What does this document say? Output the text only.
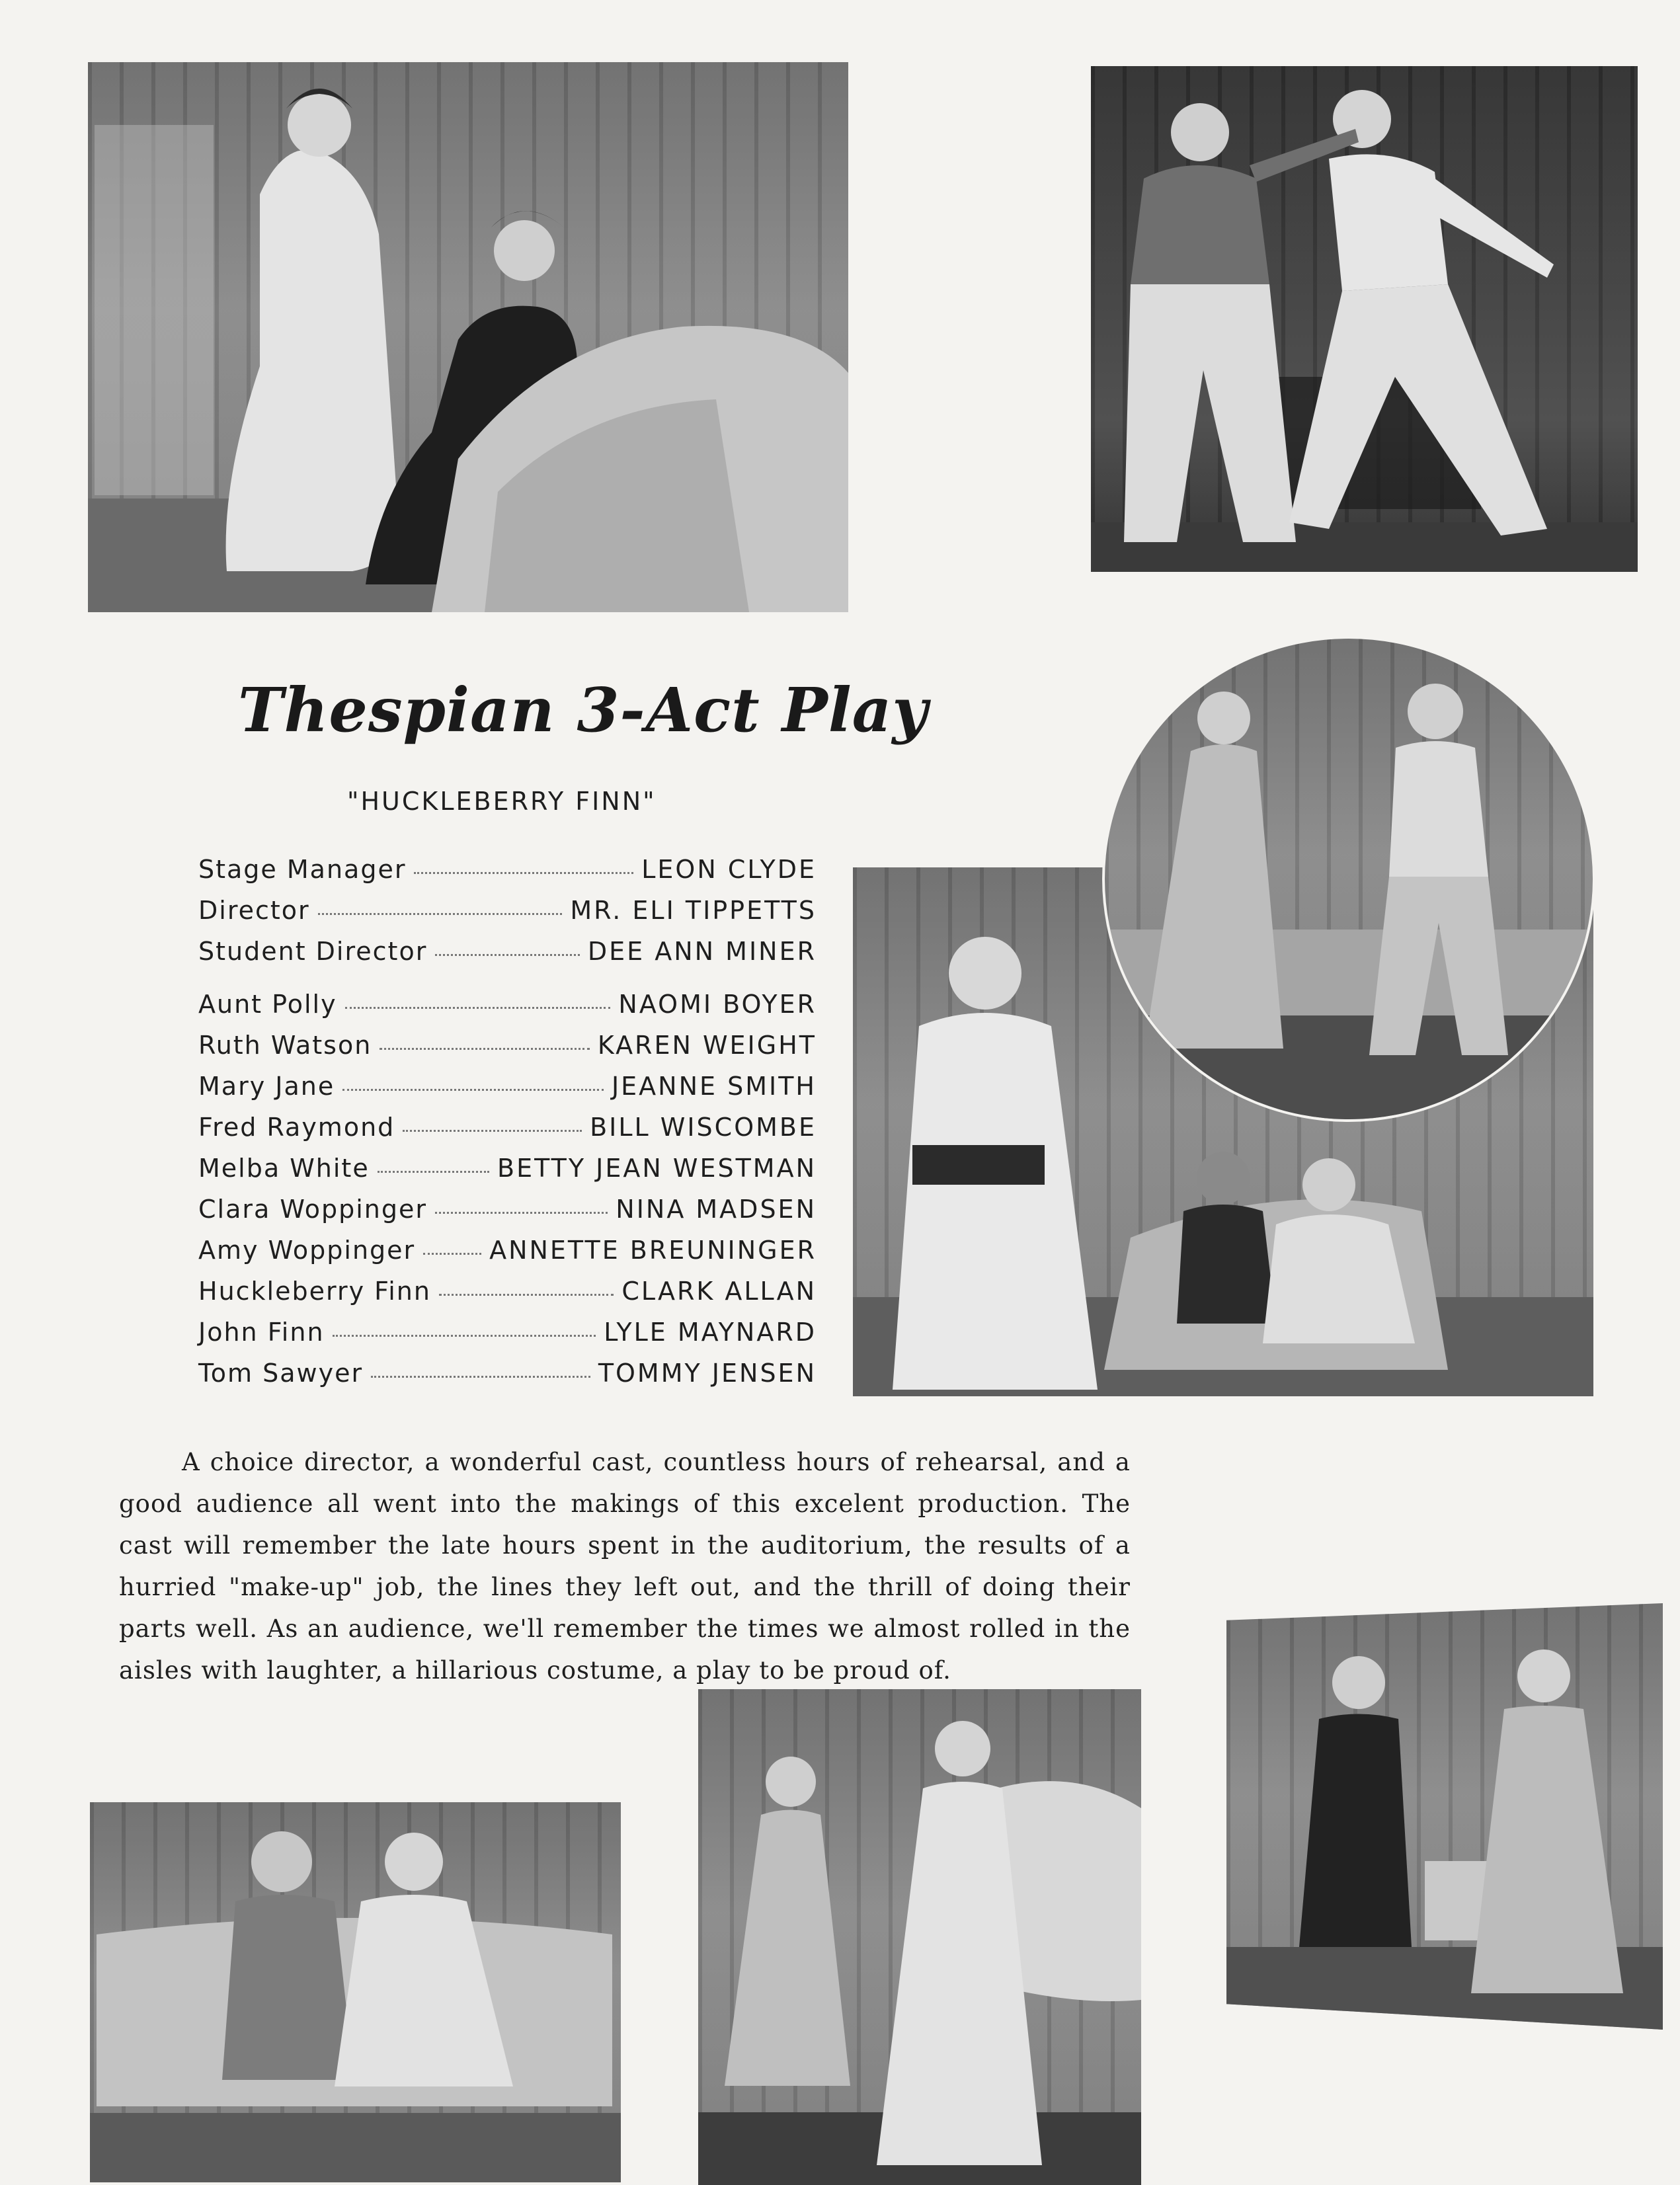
Thespian 3-Act Play
"HUCKLEBERRY FINN"
Stage Manager	LEON CLYDE
Director	MR. ELI TIPPETTS
Student Director	DEE ANN MINER
Aunt Polly	NAOMI BOYER
Ruth Watson	KAREN WEIGHT
Mary Jane	JEANNE SMITH
Fred Raymond	BILL WISCOMBE
Melba White	BETTY JEAN WESTMAN
Clara Woppinger	NINA MADSEN
Amy Woppinger	ANNETTE BREUNINGER
Huckleberry Finn	CLARK ALLAN
John Finn	LYLE MAYNARD
Tom Sawyer	TOMMY JENSEN
A choice director, a wonderful cast, countless hours of rehearsal, and a good audience all went into the makings of this excelent production. The cast will remember the late hours spent in the auditorium, the results of a hurried "make-up" job, the lines they left out, and the thrill of doing their parts well. As an audience, we'll remember the times we almost rolled in the aisles with laughter, a hillarious costume, a play to be proud of.
